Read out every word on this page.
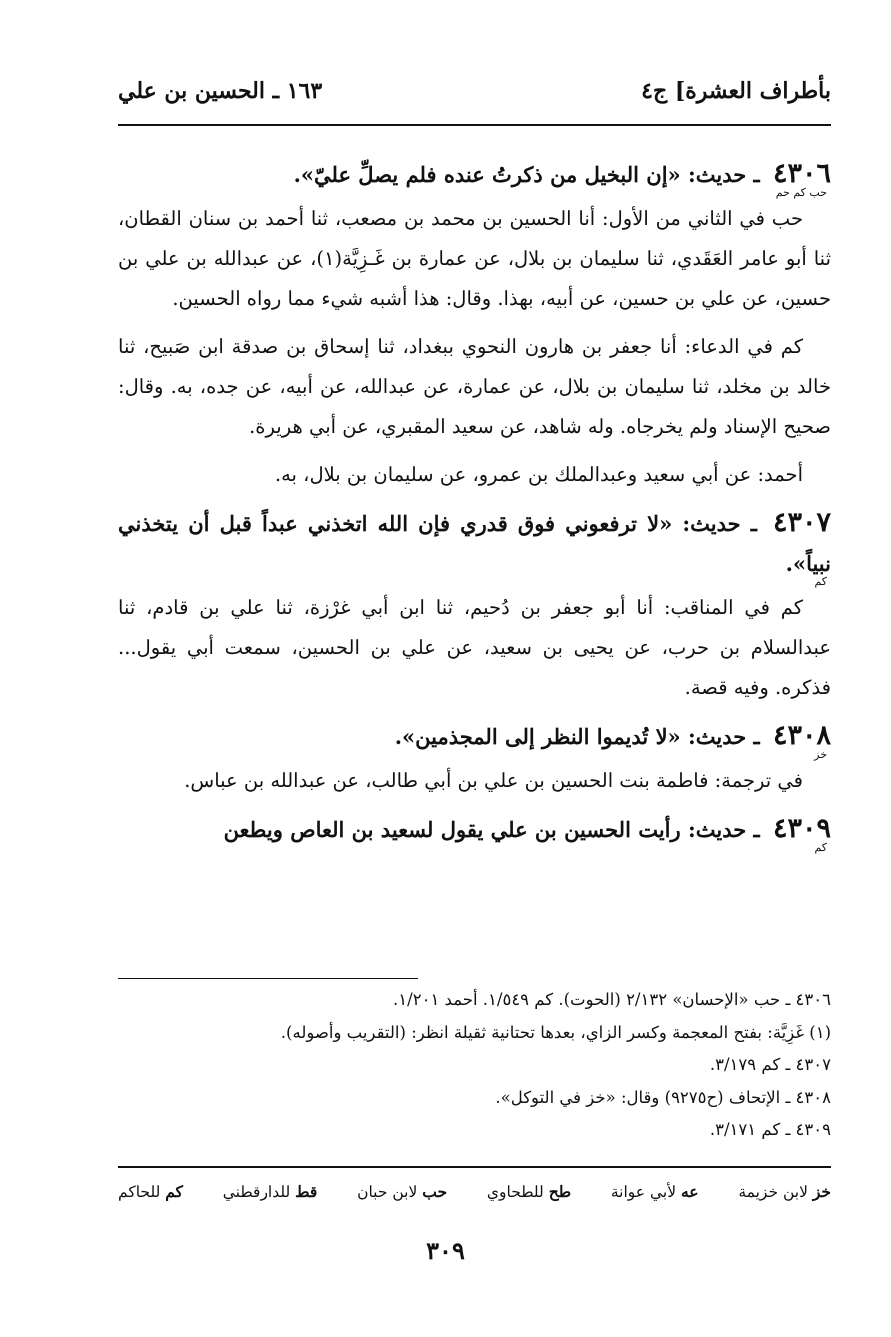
بأطراف العشرة] ج٤
١٦٣ ـ الحسين بن علي
٤٣٠٦ ـ حديث: «إن البخيل من ذكرتُ عنده فلم يصلِّ عليّ».
حب كم حم
حب في الثاني من الأول: أنا الحسين بن محمد بن مصعب، ثنا أحمد بن سنان القطان، ثنا أبو عامر العَقَدي، ثنا سليمان بن بلال، عن عمارة بن غَـزِيَّة(١)، عن عبدالله بن علي بن حسين، عن علي بن حسين، عن أبيه، بهذا. وقال: هذا أشبه شيء مما رواه الحسين.
كم في الدعاء: أنا جعفر بن هارون النحوي ببغداد، ثنا إسحاق بن صدقة ابن صَبيح، ثنا خالد بن مخلد، ثنا سليمان بن بلال، عن عمارة، عن عبدالله، عن أبيه، عن جده، به. وقال: صحيح الإسناد ولم يخرجاه. وله شاهد، عن سعيد المقبري، عن أبي هريرة.
أحمد: عن أبي سعيد وعبدالملك بن عمرو، عن سليمان بن بلال، به.
٤٣٠٧ ـ حديث: «لا ترفعوني فوق قدري فإن الله اتخذني عبداً قبل أن يتخذني نبياً».
كم
كم في المناقب: أنا أبو جعفر بن دُحيم، ثنا ابن أبي غرْزة، ثنا علي بن قادم، ثنا عبدالسلام بن حرب، عن يحيى بن سعيد، عن علي بن الحسين، سمعت أبي يقول... فذكره. وفيه قصة.
٤٣٠٨ ـ حديث: «لا تُديموا النظر إلى المجذمين».
خز
في ترجمة: فاطمة بنت الحسين بن علي بن أبي طالب، عن عبدالله بن عباس.
٤٣٠٩ ـ حديث: رأيت الحسين بن علي يقول لسعيد بن العاص ويطعن
كم
٤٣٠٦ ـ حب «الإحسان» ٢/١٣٢ (الحوت). كم ١/٥٤٩. أحمد ١/٢٠١.
(١) غَزِيَّة: بفتح المعجمة وكسر الزاي، بعدها تحتانية ثقيلة انظر: (التقريب وأصوله).
٤٣٠٧ ـ كم ٣/١٧٩.
٤٣٠٨ ـ الإتحاف (ح٩٢٧٥) وقال: «خز في التوكل».
٤٣٠٩ ـ كم ٣/١٧١.
خز لابن خزيمة
عه لأبي عوانة
طح للطحاوي
حب لابن حبان
قط للدارقطني
كم للحاكم
٣٠٩
